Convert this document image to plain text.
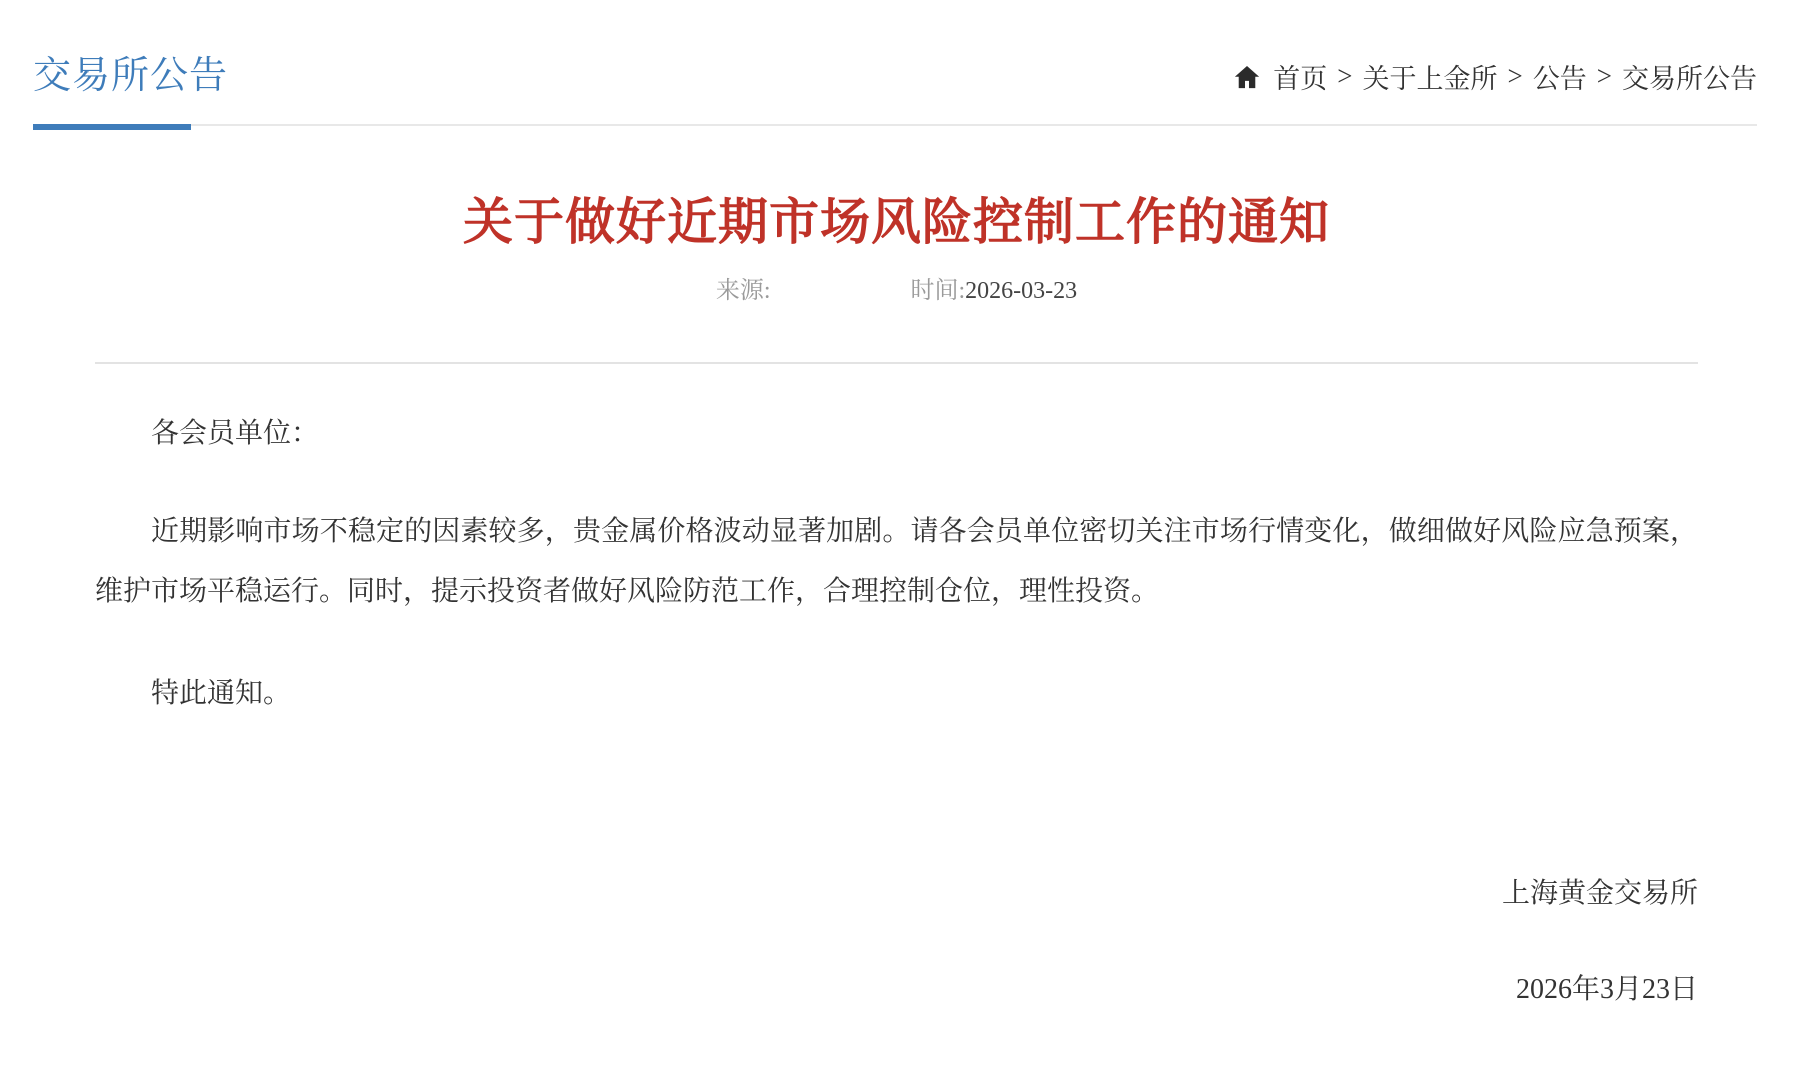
交易所公告	首页 > 关于上金所 > 公告 > 交易所公告
关于做好近期市场风险控制工作的通知
来源:	时间:2026-03-23

各会员单位：

近期影响市场不稳定的因素较多，贵金属价格波动显著加剧。请各会员单位密切关注市场行情变化，做细做好风险应急预案，维护市场平稳运行。同时，提示投资者做好风险防范工作，合理控制仓位，理性投资。

特此通知。

上海黄金交易所

2026年3月23日
